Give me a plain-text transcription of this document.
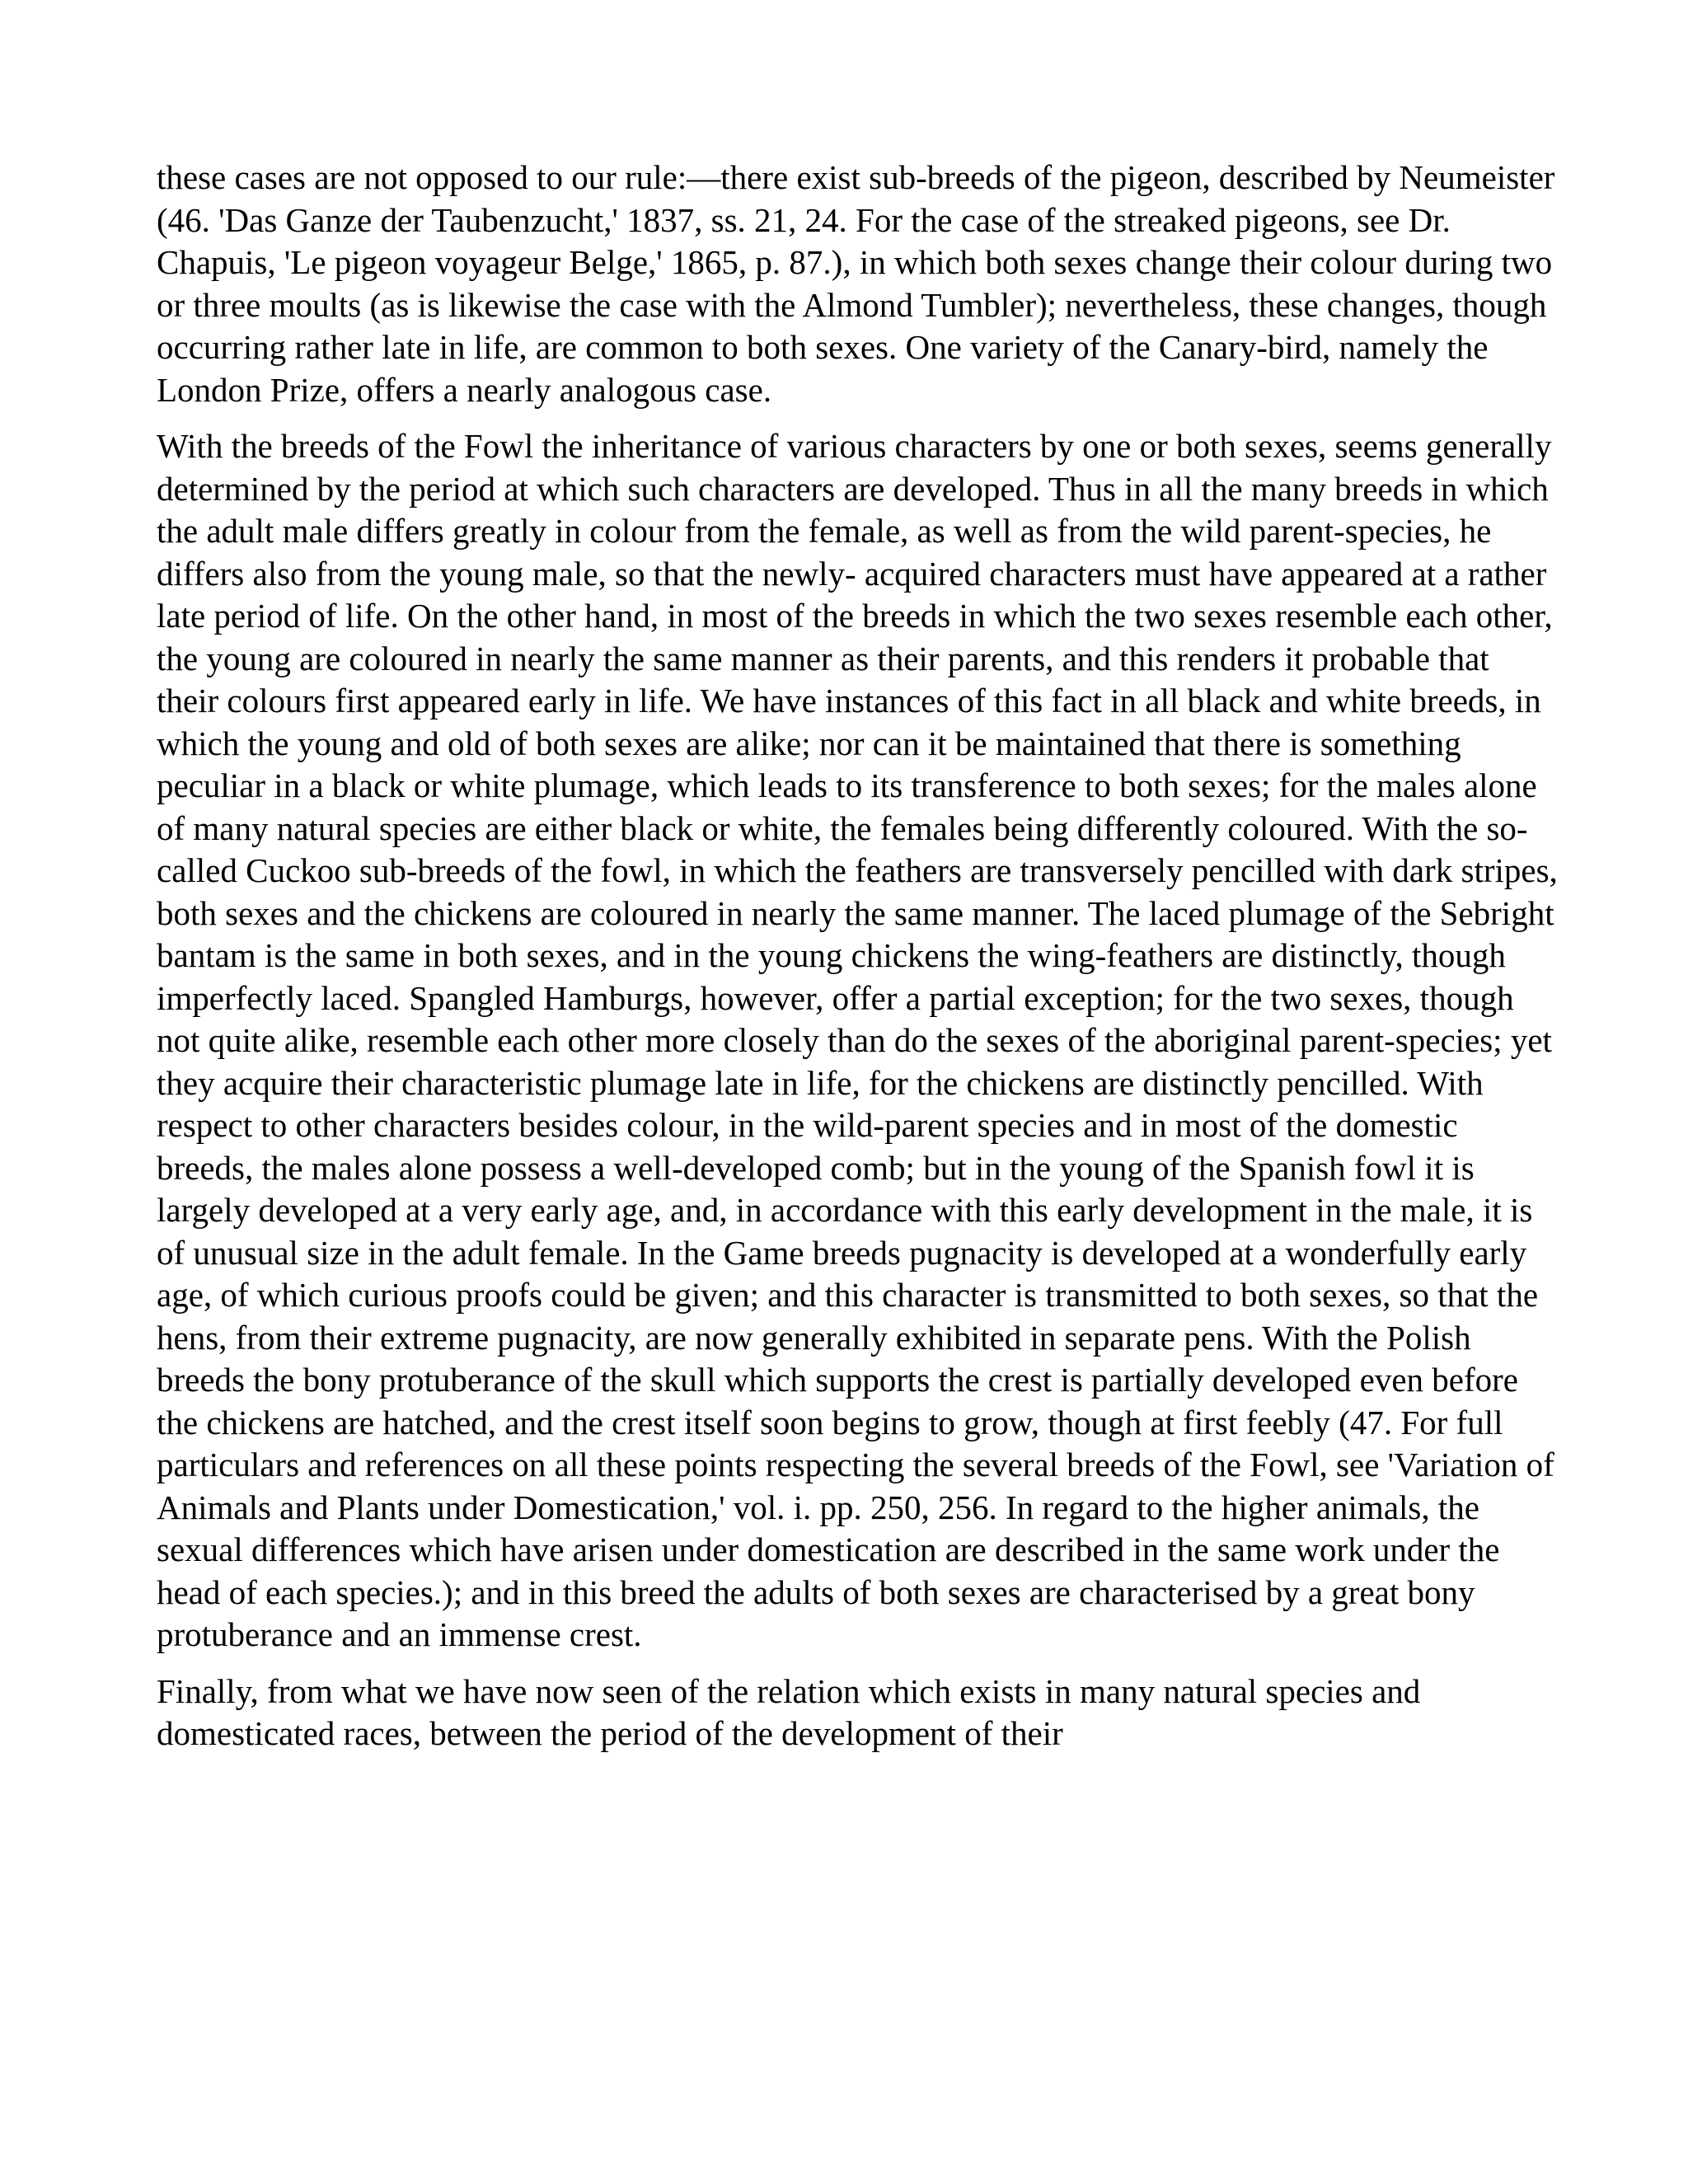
these cases are not opposed to our rule:—there exist sub-breeds of the pigeon, described by Neumeister (46. 'Das Ganze der Taubenzucht,' 1837, ss. 21, 24. For the case of the streaked pigeons, see Dr. Chapuis, 'Le pigeon voyageur Belge,' 1865, p. 87.), in which both sexes change their colour during two or three moults (as is likewise the case with the Almond Tumbler); nevertheless, these changes, though occurring rather late in life, are common to both sexes. One variety of the Canary-bird, namely the London Prize, offers a nearly analogous case.

With the breeds of the Fowl the inheritance of various characters by one or both sexes, seems generally determined by the period at which such characters are developed. Thus in all the many breeds in which the adult male differs greatly in colour from the female, as well as from the wild parent-species, he differs also from the young male, so that the newly- acquired characters must have appeared at a rather late period of life. On the other hand, in most of the breeds in which the two sexes resemble each other, the young are coloured in nearly the same manner as their parents, and this renders it probable that their colours first appeared early in life. We have instances of this fact in all black and white breeds, in which the young and old of both sexes are alike; nor can it be maintained that there is something peculiar in a black or white plumage, which leads to its transference to both sexes; for the males alone of many natural species are either black or white, the females being differently coloured. With the so-called Cuckoo sub-breeds of the fowl, in which the feathers are transversely pencilled with dark stripes, both sexes and the chickens are coloured in nearly the same manner. The laced plumage of the Sebright bantam is the same in both sexes, and in the young chickens the wing-feathers are distinctly, though imperfectly laced. Spangled Hamburgs, however, offer a partial exception; for the two sexes, though not quite alike, resemble each other more closely than do the sexes of the aboriginal parent-species; yet they acquire their characteristic plumage late in life, for the chickens are distinctly pencilled. With respect to other characters besides colour, in the wild-parent species and in most of the domestic breeds, the males alone possess a well-developed comb; but in the young of the Spanish fowl it is largely developed at a very early age, and, in accordance with this early development in the male, it is of unusual size in the adult female. In the Game breeds pugnacity is developed at a wonderfully early age, of which curious proofs could be given; and this character is transmitted to both sexes, so that the hens, from their extreme pugnacity, are now generally exhibited in separate pens. With the Polish breeds the bony protuberance of the skull which supports the crest is partially developed even before the chickens are hatched, and the crest itself soon begins to grow, though at first feebly (47. For full particulars and references on all these points respecting the several breeds of the Fowl, see 'Variation of Animals and Plants under Domestication,' vol. i. pp. 250, 256. In regard to the higher animals, the sexual differences which have arisen under domestication are described in the same work under the head of each species.); and in this breed the adults of both sexes are characterised by a great bony protuberance and an immense crest.

Finally, from what we have now seen of the relation which exists in many natural species and domesticated races, between the period of the development of their
